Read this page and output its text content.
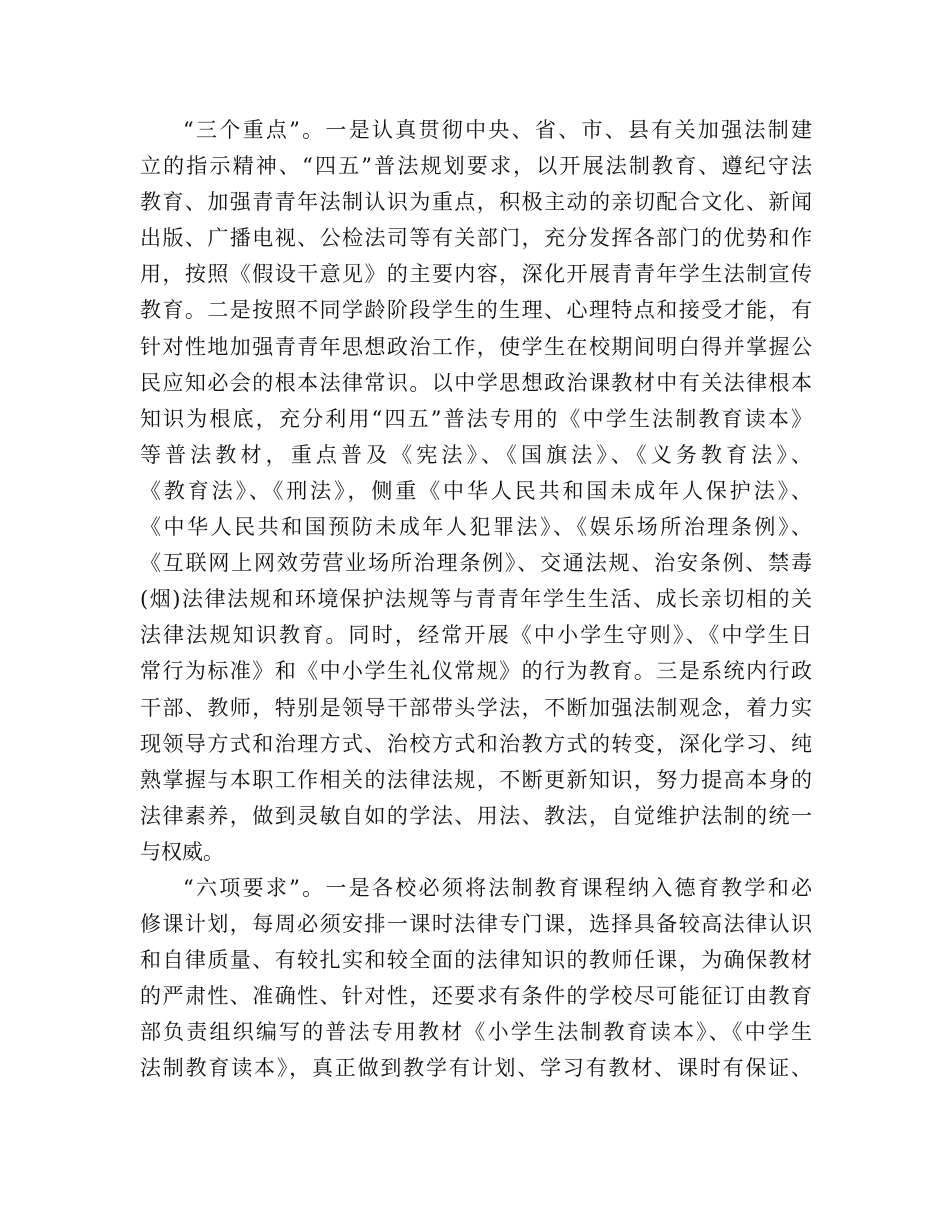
“三个重点”。一是认真贯彻中央、省、市、县有关加强法制建
立的指示精神、“四五”普法规划要求，以开展法制教育、遵纪守法
教育、加强青青年法制认识为重点，积极主动的亲切配合文化、新闻
出版、广播电视、公检法司等有关部门，充分发挥各部门的优势和作
用，按照《假设干意见》的主要内容，深化开展青青年学生法制宣传
教育。二是按照不同学龄阶段学生的生理、心理特点和接受才能，有
针对性地加强青青年思想政治工作，使学生在校期间明白得并掌握公
民应知必会的根本法律常识。以中学思想政治课教材中有关法律根本
知识为根底，充分利用“四五”普法专用的《中学生法制教育读本》
等普法教材，重点普及《宪法》、《国旗法》、《义务教育法》、
《教育法》、《刑法》，侧重《中华人民共和国未成年人保护法》、
《中华人民共和国预防未成年人犯罪法》、《娱乐场所治理条例》、
《互联网上网效劳营业场所治理条例》、交通法规、治安条例、禁毒
(烟)法律法规和环境保护法规等与青青年学生生活、成长亲切相的关
法律法规知识教育。同时，经常开展《中小学生守则》、《中学生日
常行为标准》和《中小学生礼仪常规》的行为教育。三是系统内行政
干部、教师，特别是领导干部带头学法，不断加强法制观念，着力实
现领导方式和治理方式、治校方式和治教方式的转变，深化学习、纯
熟掌握与本职工作相关的法律法规，不断更新知识，努力提高本身的
法律素养，做到灵敏自如的学法、用法、教法，自觉维护法制的统一
与权威。
“六项要求”。一是各校必须将法制教育课程纳入德育教学和必
修课计划，每周必须安排一课时法律专门课，选择具备较高法律认识
和自律质量、有较扎实和较全面的法律知识的教师任课，为确保教材
的严肃性、准确性、针对性，还要求有条件的学校尽可能征订由教育
部负责组织编写的普法专用教材《小学生法制教育读本》、《中学生
法制教育读本》，真正做到教学有计划、学习有教材、课时有保证、
